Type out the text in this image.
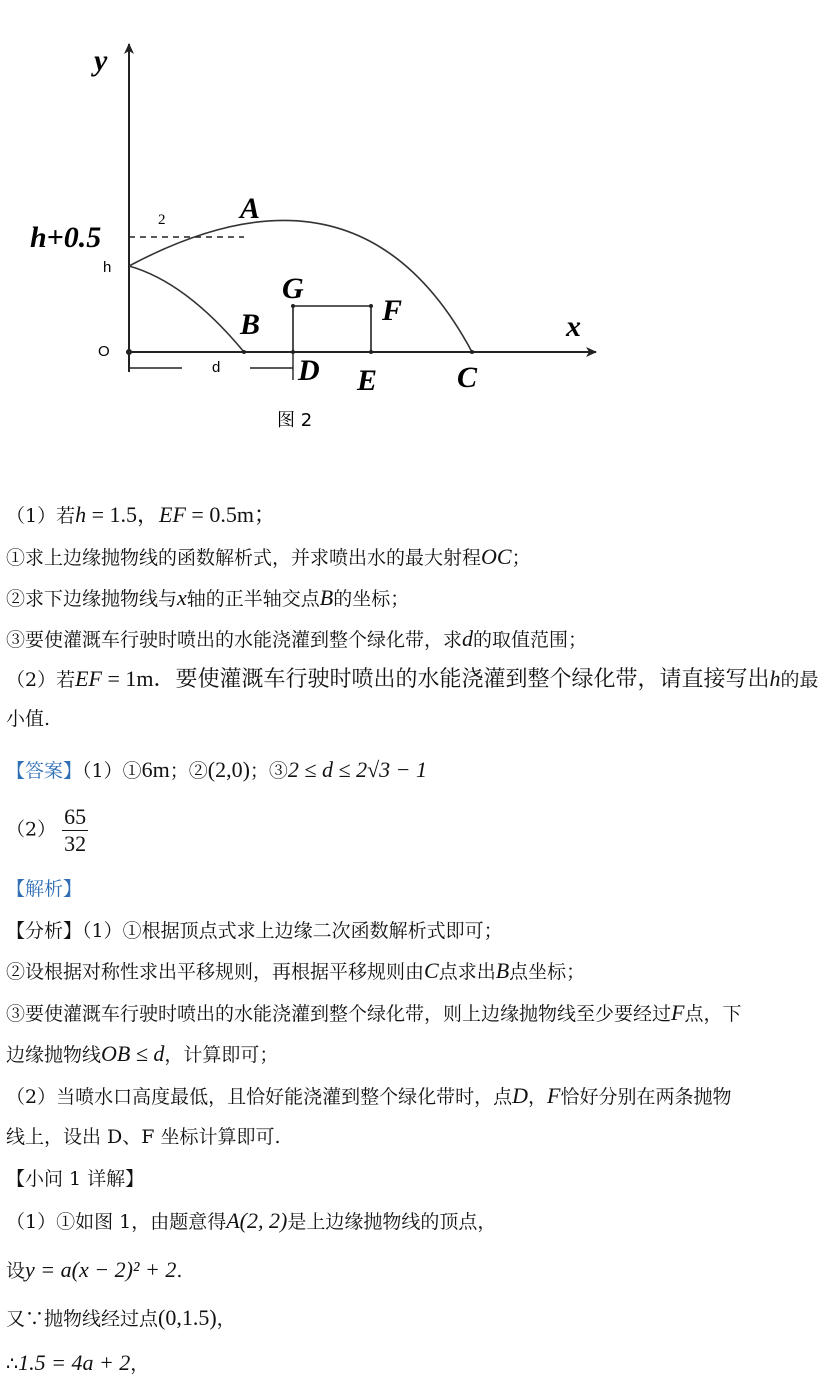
y
x
h+0.5
h
O
2 A
B
G
F
D E	C
d
图 2
（1）若h = 1.5，EF = 0.5m；
①求上边缘抛物线的函数解析式，并求喷出水的最大射程OC；
②求下边缘抛物线与x轴的正半轴交点B的坐标；
③要使灌溉车行驶时喷出的水能浇灌到整个绿化带，求d的取值范围；
（2）若EF = 1m．要使灌溉车行驶时喷出的水能浇灌到整个绿化带，请直接写出h的最
小值.
【答案】（1）①6m；②(2,0)；③2 ≤ d ≤ 2√3 − 1
$(2) \frac{65}{32}$
【解析】
【分析】（1）①根据顶点式求上边缘二次函数解析式即可；
②设根据对称性求出平移规则，再根据平移规则由C点求出B点坐标；
③要使灌溉车行驶时喷出的水能浇灌到整个绿化带，则上边缘抛物线至少要经过F点，下
边缘抛物线OB ≤ d，计算即可；
（2）当喷水口高度最低，且恰好能浇灌到整个绿化带时，点D，F恰好分别在两条抛物
线上，设出 D、F 坐标计算即可.
【小问 1 详解】
（1）①如图 1，由题意得A(2, 2)是上边缘抛物线的顶点，
设y = a(x − 2)² + 2.
又∵抛物线经过点(0,1.5)，
∴1.5 = 4a + 2，
